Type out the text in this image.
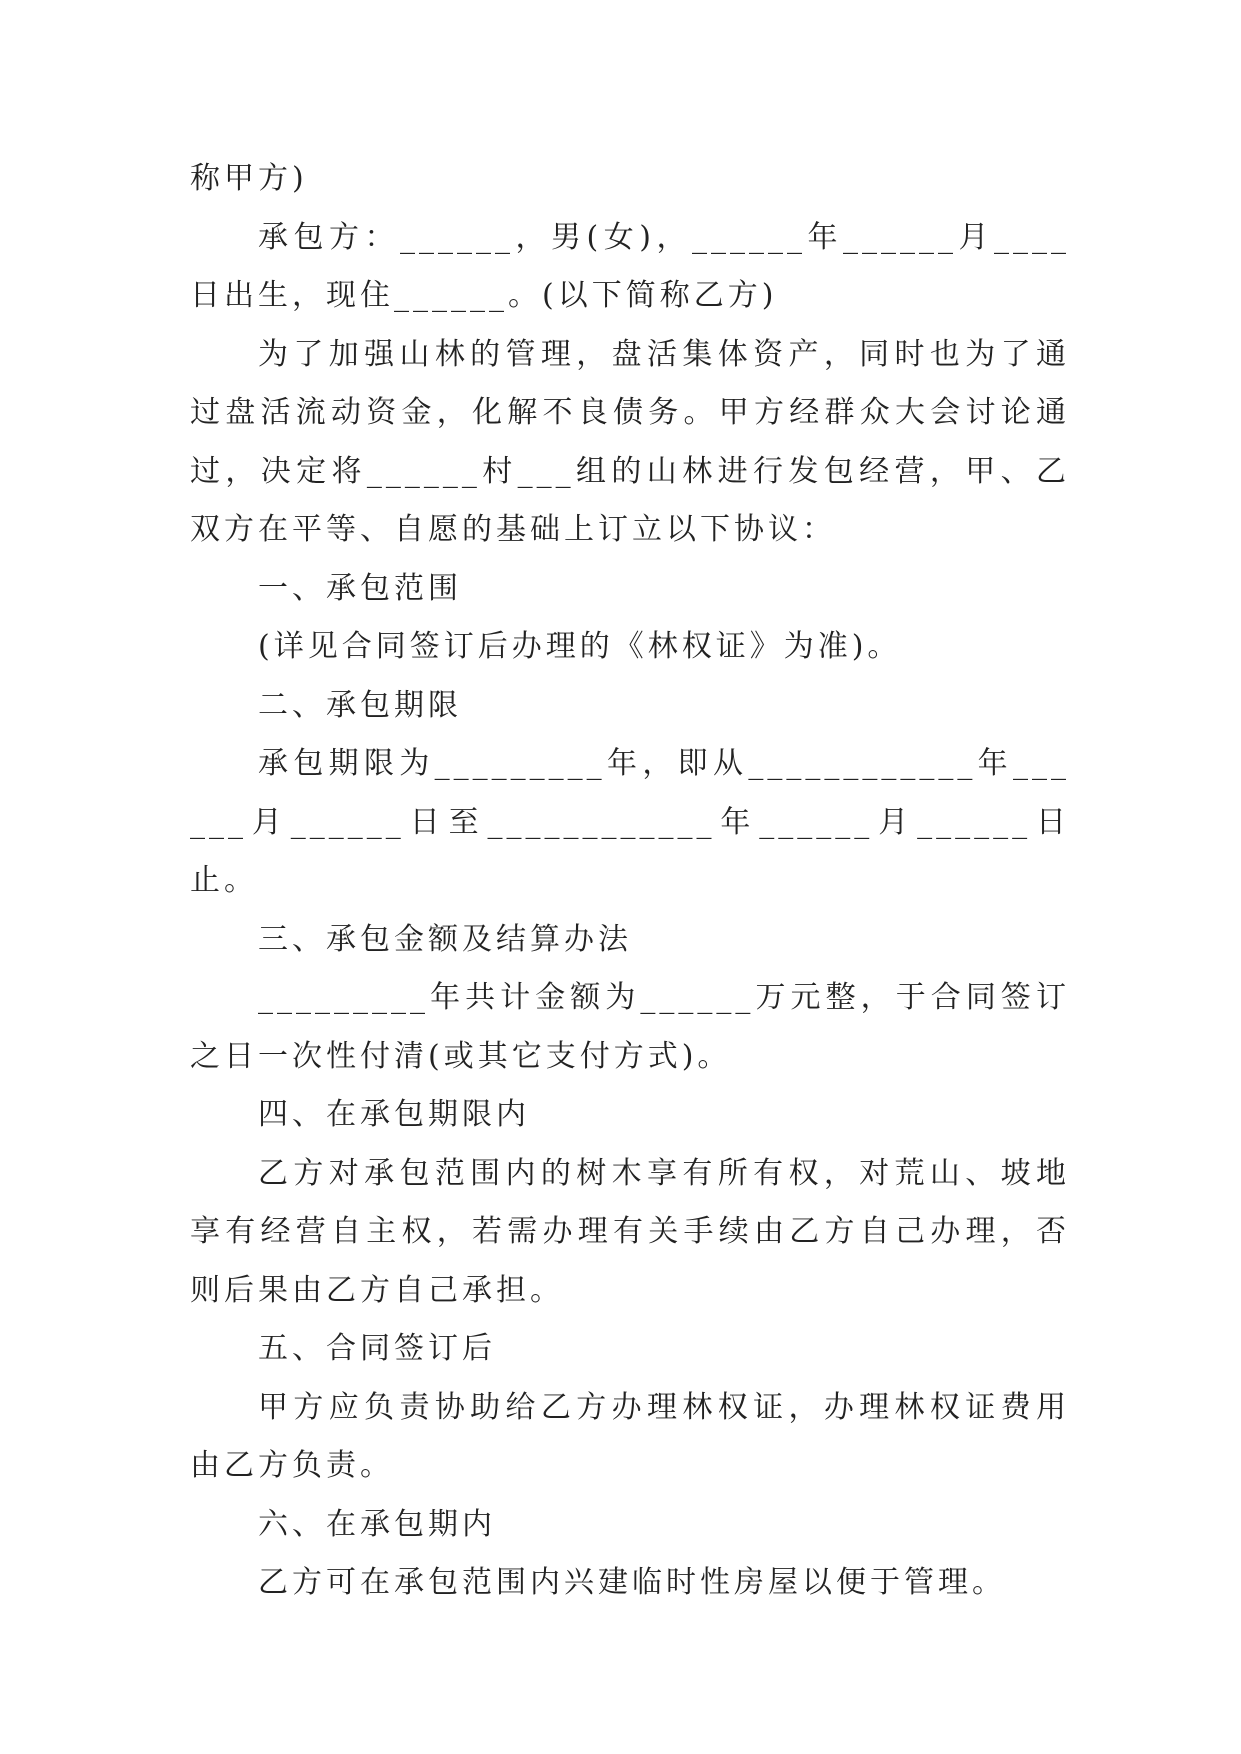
称甲方)

承包方：______，男(女)，______年______月____日出生，现住______。(以下简称乙方)

为了加强山林的管理，盘活集体资产，同时也为了通过盘活流动资金，化解不良债务。甲方经群众大会讨论通过，决定将______村___组的山林进行发包经营，甲、乙双方在平等、自愿的基础上订立以下协议：

一、承包范围

(详见合同签订后办理的《林权证》为准)。

二、承包期限

承包期限为_________年，即从____________年______月______日至____________年______月______日止。

三、承包金额及结算办法

_________年共计金额为______万元整，于合同签订之日一次性付清(或其它支付方式)。

四、在承包期限内

乙方对承包范围内的树木享有所有权，对荒山、坡地享有经营自主权，若需办理有关手续由乙方自己办理，否则后果由乙方自己承担。

五、合同签订后

甲方应负责协助给乙方办理林权证，办理林权证费用由乙方负责。

六、在承包期内

乙方可在承包范围内兴建临时性房屋以便于管理。
